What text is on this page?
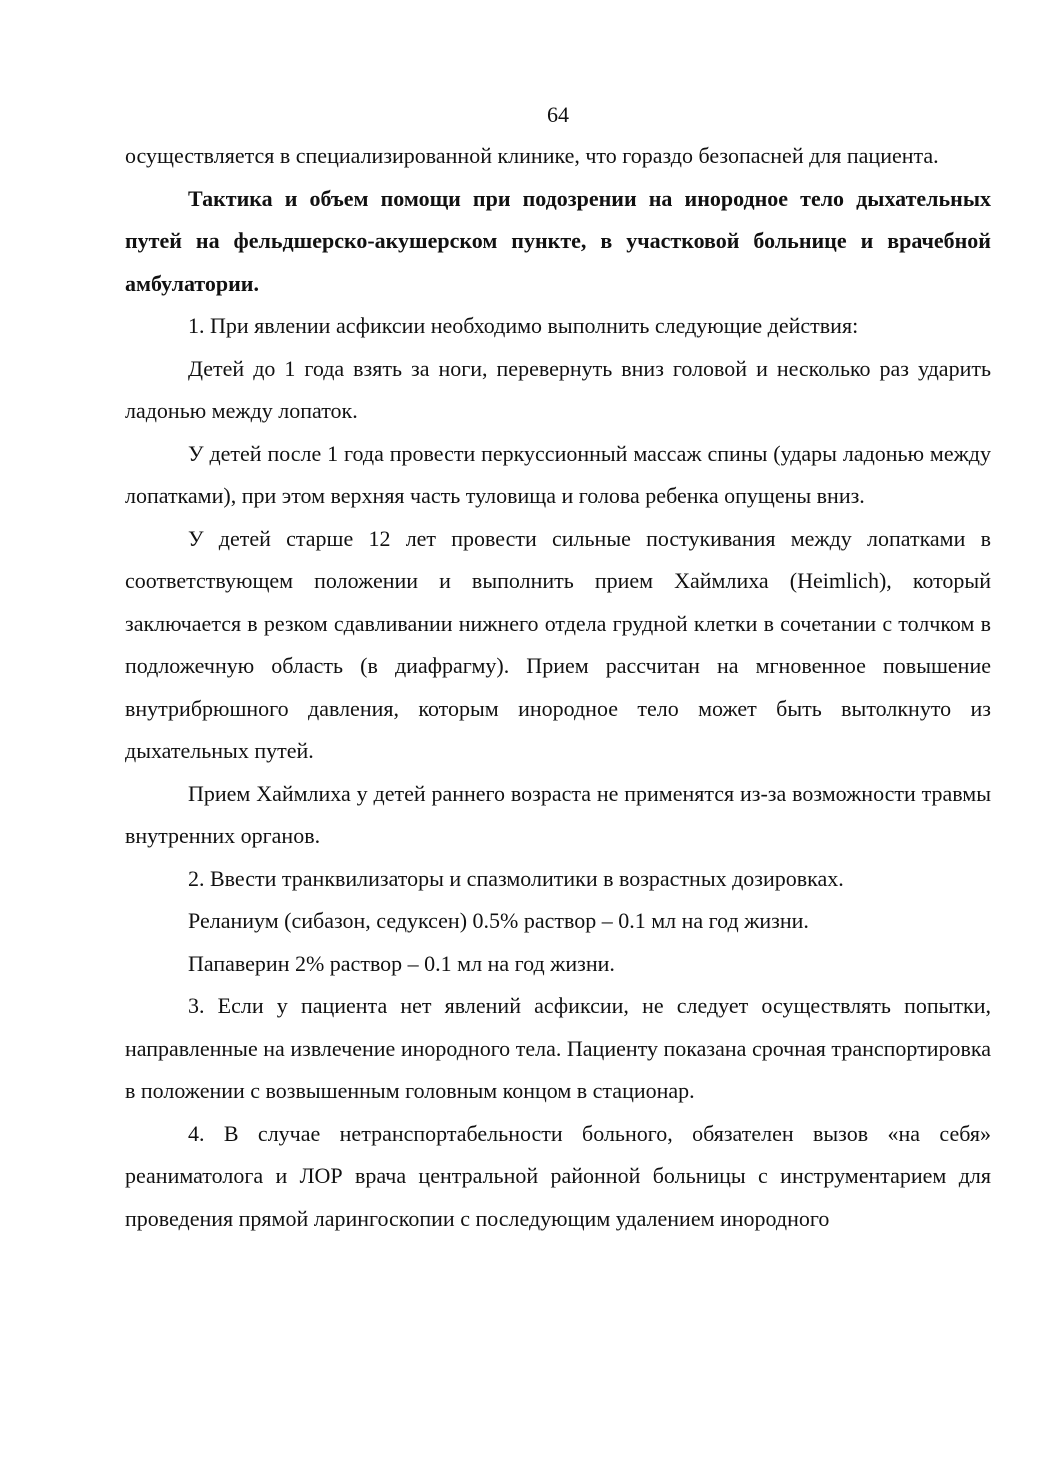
64

осуществляется в специализированной клинике, что гораздо безопасней для пациента.

Тактика и объем помощи при подозрении на инородное тело дыхательных путей на фельдшерско-акушерском пункте, в участковой больнице и врачебной амбулатории.

1. При явлении асфиксии необходимо выполнить следующие действия:

Детей до 1 года взять за ноги, перевернуть вниз головой и несколько раз ударить ладонью между лопаток.

У детей после 1 года провести перкуссионный массаж спины (удары ладонью между лопатками), при этом верхняя часть туловища и голова ребенка опущены вниз.

У детей старше 12 лет провести сильные постукивания между лопатками в соответствующем положении и выполнить прием Хаймлиха (Heimlich), который заключается в резком сдавливании нижнего отдела грудной клетки в сочетании с толчком в подложечную область (в диафрагму). Прием рассчитан на мгновенное повышение внутрибрюшного давления, которым инородное тело может быть вытолкнуто из дыхательных путей.

Прием Хаймлиха у детей раннего возраста не применятся из-за возможности травмы внутренних органов.

2. Ввести транквилизаторы и спазмолитики в возрастных дозировках.

Реланиум (сибазон, седуксен) 0.5% раствор – 0.1 мл на год жизни.

Папаверин 2% раствор – 0.1 мл на год жизни.

3. Если у пациента нет явлений асфиксии, не следует осуществлять попытки, направленные на извлечение инородного тела. Пациенту показана срочная транспортировка в положении с возвышенным головным концом в стационар.

4. В случае нетранспортабельности больного, обязателен вызов «на себя» реаниматолога и ЛОР врача центральной районной больницы с инструментарием для проведения прямой ларингоскопии с последующим удалением инородного
